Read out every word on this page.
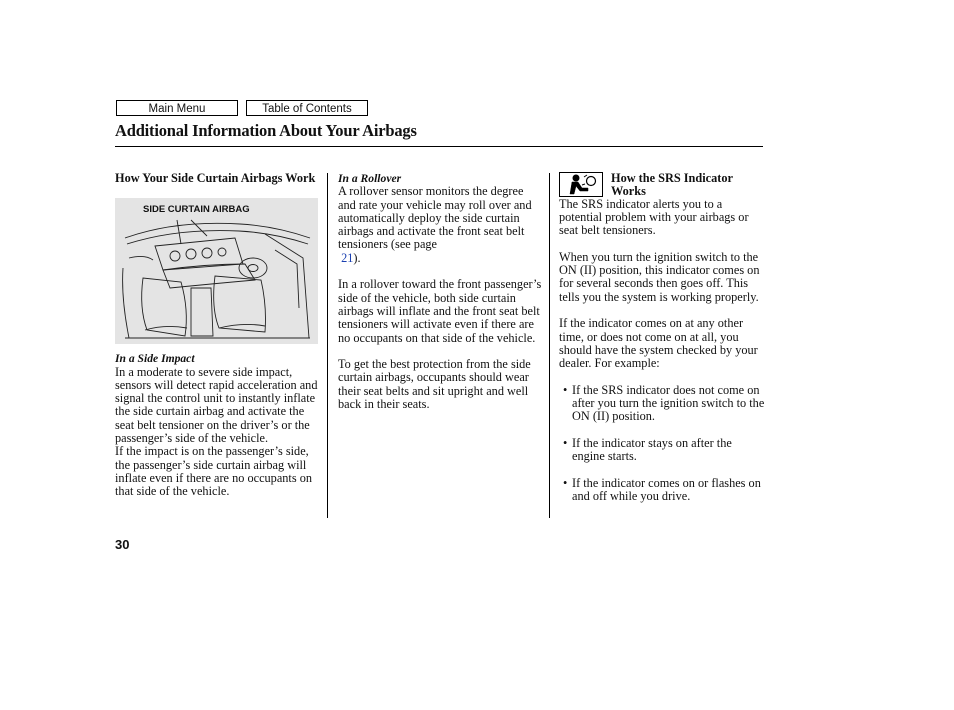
Main Menu	Table of Contents
Additional Information About Your Airbags
How Your Side Curtain Airbags Work
SIDE CURTAIN AIRBAG
In a Side Impact

In a moderate to severe side impact, sensors will detect rapid acceleration and signal the control unit to instantly inflate the side curtain airbag and activate the seat belt tensioner on the driver’s or the passenger’s side of the vehicle.

If the impact is on the passenger’s side, the passenger’s side curtain airbag will inflate even if there are no occupants on that side of the vehicle.

In a Rollover

A rollover sensor monitors the degree and rate your vehicle may roll over and automatically deploy the side curtain airbags and activate the front seat belt tensioners (see page
21).

In a rollover toward the front passenger’s side of the vehicle, both side curtain airbags will inflate and the front seat belt tensioners will activate even if there are no occupants on that side of the vehicle.

To get the best protection from the side curtain airbags, occupants should wear their seat belts and sit upright and well back in their seats.

How the SRS Indicator Works

The SRS indicator alerts you to a potential problem with your airbags or seat belt tensioners.

When you turn the ignition switch to the ON (II) position, this indicator comes on for several seconds then goes off. This tells you the system is working properly.

If the indicator comes on at any other time, or does not come on at all, you should have the system checked by your dealer. For example:

• If the SRS indicator does not come on after you turn the ignition switch to the ON (II) position.
• If the indicator stays on after the engine starts.
• If the indicator comes on or flashes on and off while you drive.
30
